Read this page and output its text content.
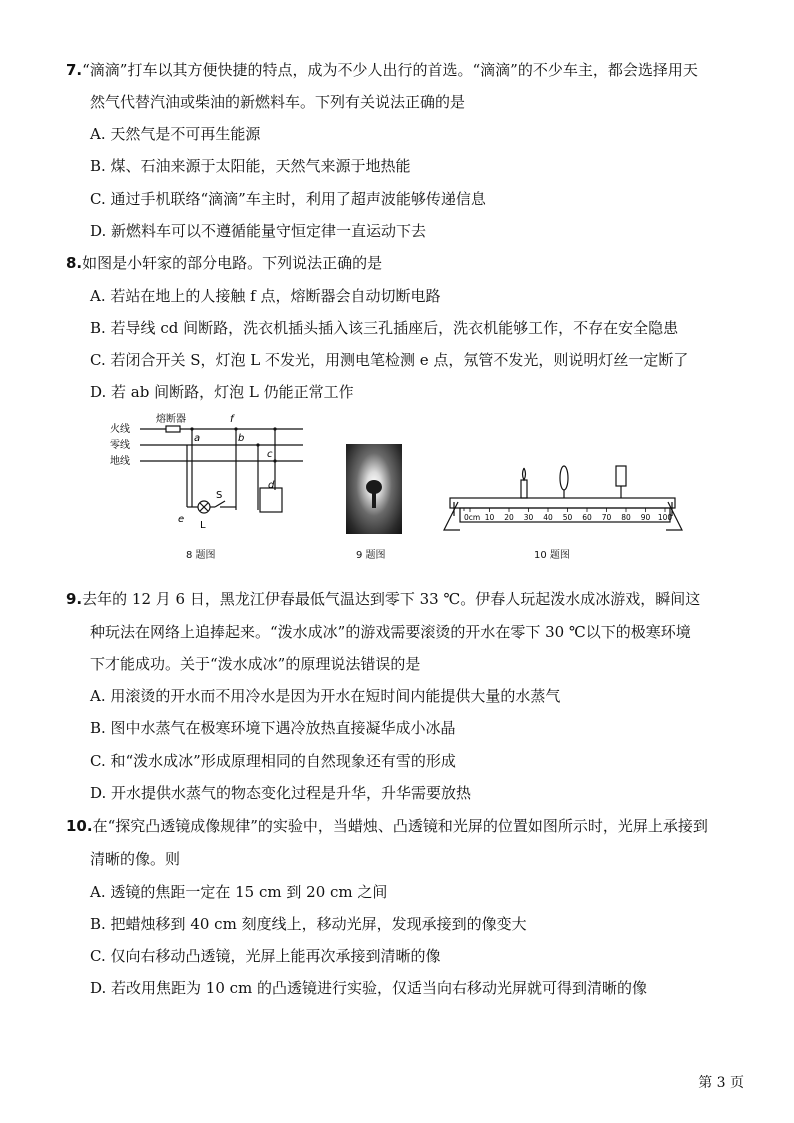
7.“滴滴”打车以其方便快捷的特点，成为不少人出行的首选。“滴滴”的不少车主，都会选择用天
然气代替汽油或柴油的新燃料车。下列有关说法正确的是
A. 天然气是不可再生能源
B. 煤、石油来源于太阳能，天然气来源于地热能
C. 通过手机联络“滴滴”车主时，利用了超声波能够传递信息
D. 新燃料车可以不遵循能量守恒定律一直运动下去
8.如图是小轩家的部分电路。下列说法正确的是
A. 若站在地上的人接触 f 点，熔断器会自动切断电路
B. 若导线 cd 间断路，洗衣机插头插入该三孔插座后，洗衣机能够工作，不存在安全隐患
C. 若闭合开关 S，灯泡 L 不发光，用测电笔检测 e 点，氖管不发光，则说明灯丝一定断了
D. 若 ab 间断路，灯泡 L 仍能正常工作
火线
零线
地线
熔断器	f
a	b
c
d
e
S
L
8 题图	9 题图
0cm 10 20 30 40 50 60 70 80 90 100
10 题图
9.去年的 12 月 6 日，黑龙江伊春最低气温达到零下 33 ℃。伊春人玩起泼水成冰游戏，瞬间这
种玩法在网络上追捧起来。“泼水成冰”的游戏需要滚烫的开水在零下 30 ℃以下的极寒环境
下才能成功。关于“泼水成冰”的原理说法错误的是
A. 用滚烫的开水而不用冷水是因为开水在短时间内能提供大量的水蒸气
B. 图中水蒸气在极寒环境下遇冷放热直接凝华成小冰晶
C. 和“泼水成冰”形成原理相同的自然现象还有雪的形成
D. 开水提供水蒸气的物态变化过程是升华，升华需要放热
10.在“探究凸透镜成像规律”的实验中，当蜡烛、凸透镜和光屏的位置如图所示时，光屏上承接到
清晰的像。则
A. 透镜的焦距一定在 15 cm 到 20 cm 之间
B. 把蜡烛移到 40 cm 刻度线上，移动光屏，发现承接到的像变大
C. 仅向右移动凸透镜，光屏上能再次承接到清晰的像
D. 若改用焦距为 10 cm 的凸透镜进行实验，仅适当向右移动光屏就可得到清晰的像
第 3 页
